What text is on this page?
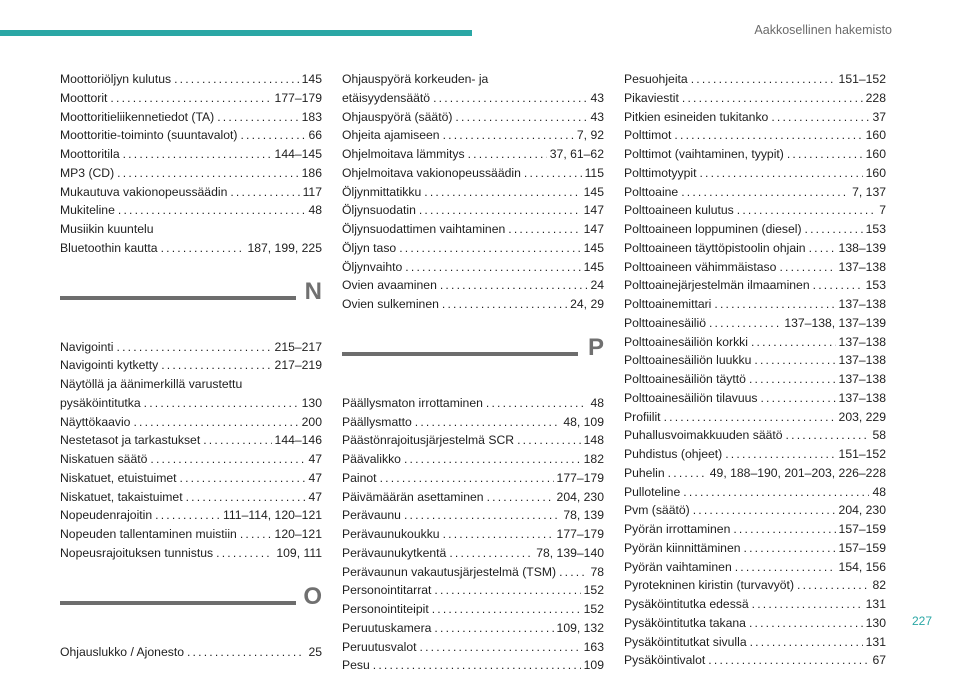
Aakkosellinen hakemisto
Moottoriöljyn kulutus . . .	145
Moottorit . . .	177–179
Moottoritieliikennetiedot (TA) . . .	183
Moottoritie-toiminto (suuntavalot) . . .	66
Moottoritila . . .	144–145
MP3 (CD) . . .	186
Mukautuva vakionopeussäädin . . .	117
Mukiteline . . .	48
Musiikin kuuntelu
Bluetoothin kautta . . .	187, 199, 225
N
Navigointi . . .	215–217
Navigointi kytketty . . .	217–219
Näytöllä ja äänimerkillä varustettu
pysäköintitutka . . .	130
Näyttökaavio . . .	200
Nestetasot ja tarkastukset . . .	144–146
Niskatuen säätö . . .	47
Niskatuet, etuistuimet . . .	47
Niskatuet, takaistuimet . . .	47
Nopeudenrajoitin . . .	111–114, 120–121
Nopeuden tallentaminen muistiin . . .	120–121
Nopeusrajoituksen tunnistus . . .	109, 111
O
Ohjauslukko / Ajonesto . . .	25
Ohjauspyörä korkeuden- ja
etäisyydensäätö . . .	43
Ohjauspyörä (säätö) . . .	43
Ohjeita ajamiseen . . .	7, 92
Ohjelmoitava lämmitys . . .	37, 61–62
Ohjelmoitava vakionopeussäädin . . .	115
Öljynmittatikku . . .	145
Öljynsuodatin . . .	147
Öljynsuodattimen vaihtaminen . . .	147
Öljyn taso . . .	145
Öljynvaihto . . .	145
Ovien avaaminen . . .	24
Ovien sulkeminen . . .	24, 29
P
Päällysmaton irrottaminen . . .	48
Päällysmatto . . .	48, 109
Päästönrajoitusjärjestelmä SCR . . .	148
Päävalikko . . .	182
Painot . . .	177–179
Päivämäärän asettaminen . . .	204, 230
Perävaunu . . .	78, 139
Perävaunukoukku . . .	177–179
Perävaunukytkentä . . .	78, 139–140
Perävaunun vakautusjärjestelmä (TSM) . . .	78
Personointitarrat . . .	152
Personointiteipit . . .	152
Peruutuskamera . . .	109, 132
Peruutusvalot . . .	163
Pesu . . .	109
Pesuohjeita . . .	151–152
Pikaviestit . . .	228
Pitkien esineiden tukitanko . . .	37
Polttimot . . .	160
Polttimot (vaihtaminen, tyypit) . . .	160
Polttimotyypit . . .	160
Polttoaine . . .	7, 137
Polttoaineen kulutus . . .	7
Polttoaineen loppuminen (diesel) . . .	153
Polttoaineen täyttöpistoolin ohjain . . .	138–139
Polttoaineen vähimmäistaso . . .	137–138
Polttoainejärjestelmän ilmaaminen . . .	153
Polttoainemittari . . .	137–138
Polttoainesäiliö . . .	137–138, 137–139
Polttoainesäiliön korkki . . .	137–138
Polttoainesäiliön luukku . . .	137–138
Polttoainesäiliön täyttö . . .	137–138
Polttoainesäiliön tilavuus . . .	137–138
Profiilit . . .	203, 229
Puhallusvoimakkuuden säätö . . .	58
Puhdistus (ohjeet) . . .	151–152
Puhelin . . .	49, 188–190, 201–203, 226–228
Pulloteline . . .	48
Pvm (säätö) . . .	204, 230
Pyörän irrottaminen . . .	157–159
Pyörän kiinnittäminen . . .	157–159
Pyörän vaihtaminen . . .	154, 156
Pyrotekninen kiristin (turvavyöt) . . .	82
Pysäköintitutka edessä . . .	131
Pysäköintitutka takana . . .	130
Pysäköintitutkat sivulla . . .	131
Pysäköintivalot . . .	67
227
